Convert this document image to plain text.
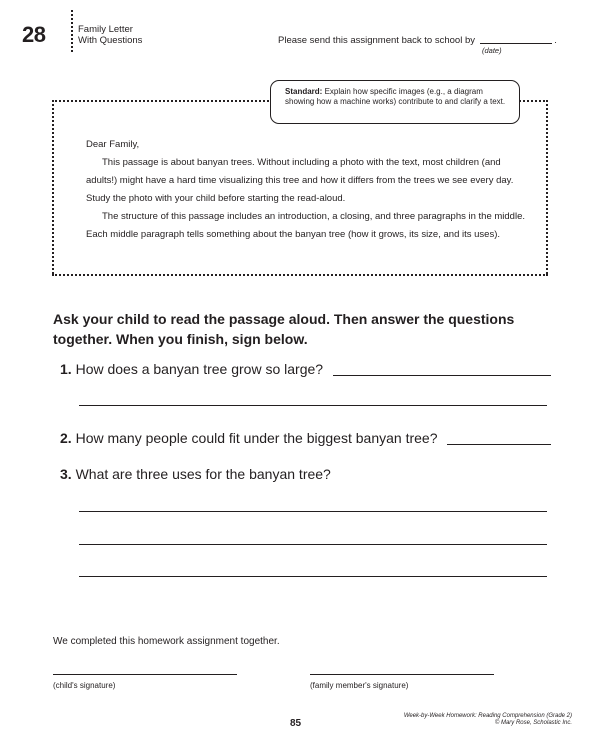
28	Family Letter
With Questions	Please send this assignment back to school by	.
(date)
Standard: Explain how specific images (e.g., a diagram showing how a machine works) contribute to and clarify a text.

Dear Family,

This passage is about banyan trees. Without including a photo with the text, most children (and adults!) might have a hard time visualizing this tree and how it differs from the trees we see every day. Study the photo with your child before starting the read-aloud.

The structure of this passage includes an introduction, a closing, and three paragraphs in the middle. Each middle paragraph tells something about the banyan tree (how it grows, its size, and its uses).

Ask your child to read the passage aloud. Then answer the questions together. When you finish, sign below.
1. How does a banyan tree grow so large?
2. How many people could fit under the biggest banyan tree?
3. What are three uses for the banyan tree?
We completed this homework assignment together.
(child's signature)	(family member's signature)
85
Week-by-Week Homework: Reading Comprehension (Grade 2)
© Mary Rose, Scholastic Inc.
